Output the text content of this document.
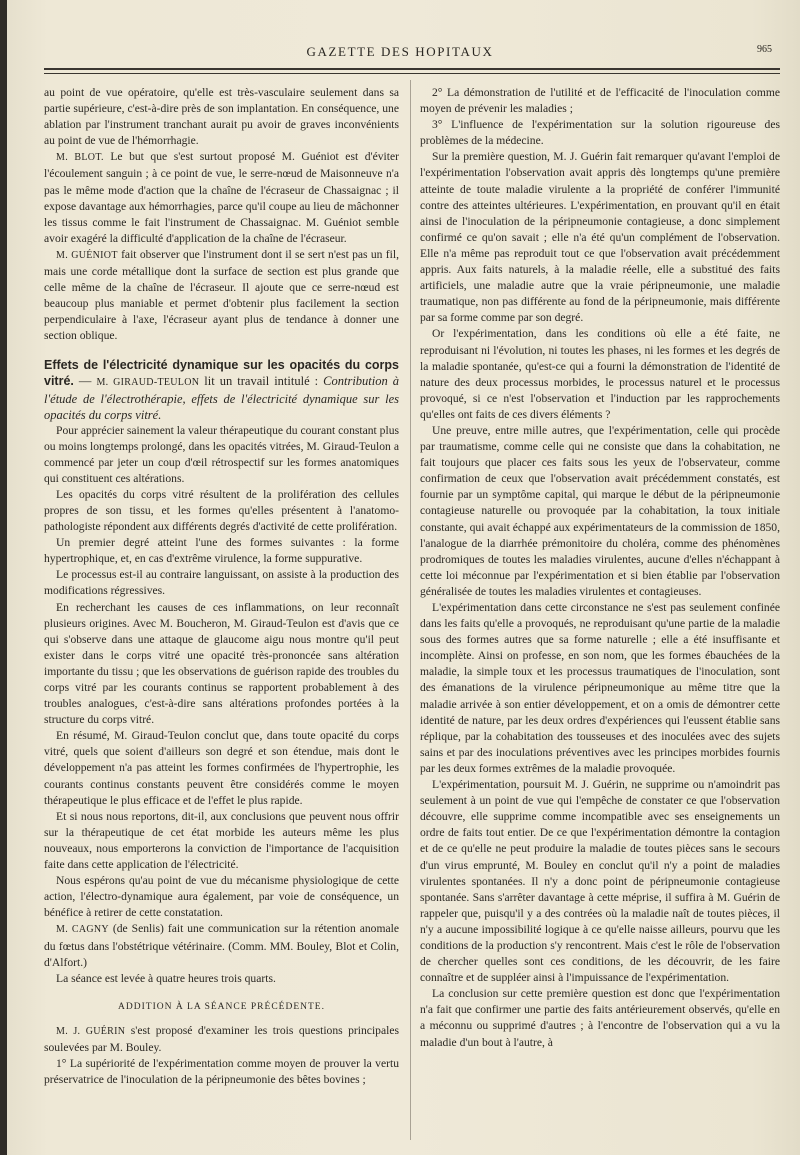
GAZETTE DES HOPITAUX	965

au point de vue opératoire, qu'elle est très-vasculaire seulement dans sa partie supérieure, c'est-à-dire près de son implantation. En conséquence, une ablation par l'instrument tranchant aurait pu avoir de graves inconvénients au point de vue de l'hémorrhagie.

M. BLOT. Le but que s'est surtout proposé M. Guéniot est d'éviter l'écoulement sanguin ; à ce point de vue, le serre-nœud de Maisonneuve n'a pas le même mode d'action que la chaîne de l'écraseur de Chassaignac ; il expose davantage aux hémorrhagies, parce qu'il coupe au lieu de mâchonner les tissus comme le fait l'instrument de Chassaignac. M. Guéniot semble avoir exagéré la difficulté d'application de la chaîne de l'écraseur.

M. GUÉNIOT fait observer que l'instrument dont il se sert n'est pas un fil, mais une corde métallique dont la surface de section est plus grande que celle même de la chaîne de l'écraseur. Il ajoute que ce serre-nœud est beaucoup plus maniable et permet d'obtenir plus facilement la section perpendiculaire à l'axe, l'écraseur ayant plus de tendance à donner une section oblique.

Effets de l'électricité dynamique sur les opacités du corps vitré. — M. GIRAUD-TEULON lit un travail intitulé : Contribution à l'étude de l'électrothérapie, effets de l'électricité dynamique sur les opacités du corps vitré.

Pour apprécier sainement la valeur thérapeutique du courant constant plus ou moins longtemps prolongé, dans les opacités vitrées, M. Giraud-Teulon a commencé par jeter un coup d'œil rétrospectif sur les formes anatomiques qui constituent ces altérations.

Les opacités du corps vitré résultent de la prolifération des cellules propres de son tissu, et les formes qu'elles présentent à l'anatomo-pathologiste répondent aux différents degrés d'activité de cette prolifération.

Un premier degré atteint l'une des formes suivantes : la forme hypertrophique, et, en cas d'extrême virulence, la forme suppurative.

Le processus est-il au contraire languissant, on assiste à la production des modifications régressives.

En recherchant les causes de ces inflammations, on leur reconnaît plusieurs origines. Avec M. Boucheron, M. Giraud-Teulon est d'avis que ce qui s'observe dans une attaque de glaucome aigu nous montre qu'il peut exister dans le corps vitré une opacité très-prononcée sans altération importante du tissu ; que les observations de guérison rapide des troubles du corps vitré par les courants continus se rapportent probablement à des troubles analogues, c'est-à-dire sans altérations profondes portées à la structure du corps vitré.

En résumé, M. Giraud-Teulon conclut que, dans toute opacité du corps vitré, quels que soient d'ailleurs son degré et son étendue, mais dont le développement n'a pas atteint les formes confirmées de l'hypertrophie, les courants continus constants peuvent être considérés comme le moyen thérapeutique le plus efficace et de l'effet le plus rapide.

Et si nous nous reportons, dit-il, aux conclusions que peuvent nous offrir sur la thérapeutique de cet état morbide les auteurs même les plus nouveaux, nous emporterons la conviction de l'importance de l'acquisition faite dans cette application de l'électricité.

Nous espérons qu'au point de vue du mécanisme physiologique de cette action, l'électro-dynamique aura également, par voie de conséquence, un bénéfice à retirer de cette constatation.

M. CAGNY (de Senlis) fait une communication sur la rétention anomale du fœtus dans l'obstétrique vétérinaire. (Comm. MM. Bouley, Blot et Colin, d'Alfort.)

La séance est levée à quatre heures trois quarts.

ADDITION À LA SÉANCE PRÉCÉDENTE.

M. J. GUÉRIN s'est proposé d'examiner les trois questions principales soulevées par M. Bouley.

1° La supériorité de l'expérimentation comme moyen de prouver la vertu préservatrice de l'inoculation de la péripneumonie des bêtes bovines ;

2° La démonstration de l'utilité et de l'efficacité de l'inoculation comme moyen de prévenir les maladies ;

3° L'influence de l'expérimentation sur la solution rigoureuse des problèmes de la médecine.

Sur la première question, M. J. Guérin fait remarquer qu'avant l'emploi de l'expérimentation l'observation avait appris dès longtemps qu'une première atteinte de toute maladie virulente a la propriété de conférer l'immunité contre des atteintes ultérieures. L'expérimentation, en prouvant qu'il en était ainsi de l'inoculation de la péripneumonie contagieuse, a donc simplement confirmé ce qu'on savait ; elle n'a été qu'un complément de l'observation. Elle n'a même pas reproduit tout ce que l'observation avait précédemment appris. Aux faits naturels, à la maladie réelle, elle a substitué des faits artificiels, une maladie autre que la vraie péripneumonie, une maladie traumatique, non pas différente au fond de la péripneumonie, mais différente par sa forme comme par son degré.

Or l'expérimentation, dans les conditions où elle a été faite, ne reproduisant ni l'évolution, ni toutes les phases, ni les formes et les degrés de la maladie spontanée, qu'est-ce qui a fourni la démonstration de l'identité de nature des deux processus morbides, le processus naturel et le processus provoqué, si ce n'est l'observation et l'induction par les rapprochements qu'elles ont faits de ces divers éléments ?

Une preuve, entre mille autres, que l'expérimentation, celle qui procède par traumatisme, comme celle qui ne consiste que dans la cohabitation, ne fait toujours que placer ces faits sous les yeux de l'observateur, comme confirmation de ceux que l'observation avait précédemment constatés, est fournie par un symptôme capital, qui marque le début de la péripneumonie contagieuse naturelle ou provoquée par la cohabitation, la toux initiale constante, qui avait échappé aux expérimentateurs de la commission de 1850, l'analogue de la diarrhée prémonitoire du choléra, comme des phénomènes prodromiques de toutes les maladies virulentes, aucune d'elles n'échappant à cette loi méconnue par l'expérimentation et si bien établie par l'observation généralisée de toutes les maladies virulentes et contagieuses.

L'expérimentation dans cette circonstance ne s'est pas seulement confinée dans les faits qu'elle a provoqués, ne reproduisant qu'une partie de la maladie sous des formes autres que sa forme naturelle ; elle a été insuffisante et incomplète. Ainsi on professe, en son nom, que les formes ébauchées de la maladie, la simple toux et les processus traumatiques de l'inoculation, sont des émanations de la virulence péripneumonique au même titre que la maladie arrivée à son entier développement, et on a omis de démontrer cette identité de nature, par les deux ordres d'expériences qui l'eussent établie sans réplique, par la cohabitation des tousseuses et des inoculées avec des sujets sains et par des inoculations préventives avec les principes morbides fournis par les deux formes extrêmes de la maladie provoquée.

L'expérimentation, poursuit M. J. Guérin, ne supprime ou n'amoindrit pas seulement à un point de vue qui l'empêche de constater ce que l'observation découvre, elle supprime comme incompatible avec ses enseignements un ordre de faits tout entier. De ce que l'expérimentation démontre la contagion et de ce qu'elle ne peut produire la maladie de toutes pièces sans le secours d'un virus emprunté, M. Bouley en conclut qu'il n'y a point de maladies virulentes spontanées. Il n'y a donc point de péripneumonie contagieuse spontanée. Sans s'arrêter davantage à cette méprise, il suffira à M. Guérin de rappeler que, puisqu'il y a des contrées où la maladie naît de toutes pièces, il n'y a aucune impossibilité logique à ce qu'elle naisse ailleurs, pourvu que les conditions de la production s'y rencontrent. Mais c'est le rôle de l'observation de chercher quelles sont ces conditions, de les découvrir, de les faire connaître et de suppléer ainsi à l'impuissance de l'expérimentation.

La conclusion sur cette première question est donc que l'expérimentation n'a fait que confirmer une partie des faits antérieurement observés, qu'elle en a méconnu ou supprimé d'autres ; à l'encontre de l'observation qui a vu la maladie d'un bout à l'autre, à
